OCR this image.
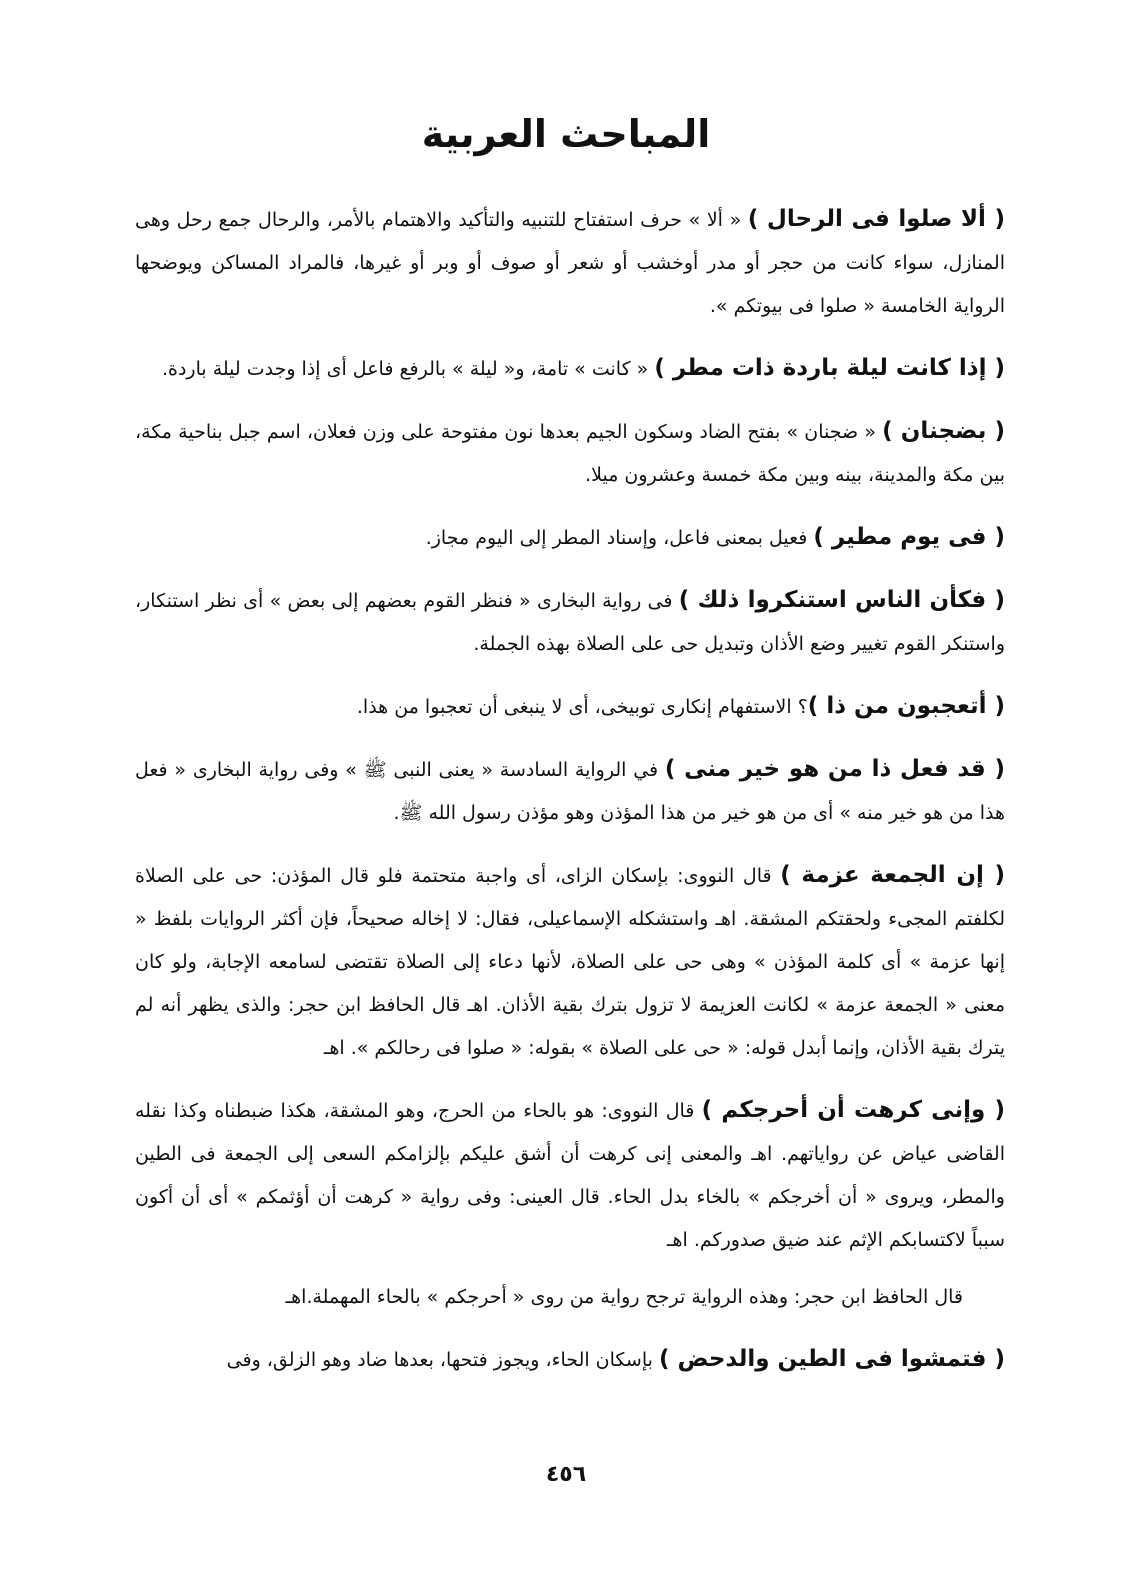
المباحث العربية

( ألا صلوا فى الرحال ) « ألا » حرف استفتاح للتنبيه والتأكيد والاهتمام بالأمر، والرحال جمع رحل وهى المنازل، سواء كانت من حجر أو مدر أوخشب أو شعر أو صوف أو وبر أو غيرها، فالمراد المساكن ويوضحها الرواية الخامسة « صلوا فى بيوتكم ».

( إذا كانت ليلة باردة ذات مطر ) « كانت » تامة، و« ليلة » بالرفع فاعل أى إذا وجدت ليلة باردة.

( بضجنان ) « ضجنان » بفتح الضاد وسكون الجيم بعدها نون مفتوحة على وزن فعلان، اسم جبل بناحية مكة، بين مكة والمدينة، بينه وبين مكة خمسة وعشرون ميلا.

( فى يوم مطير ) فعيل بمعنى فاعل، وإسناد المطر إلى اليوم مجاز.

( فكأن الناس استنكروا ذلك ) فى رواية البخارى « فنظر القوم بعضهم إلى بعض » أى نظر استنكار، واستنكر القوم تغيير وضع الأذان وتبديل حى على الصلاة بهذه الجملة.

( أتعجبون من ذا )؟ الاستفهام إنكارى توبيخى، أى لا ينبغى أن تعجبوا من هذا.

( قد فعل ذا من هو خير منى ) في الرواية السادسة « يعنى النبى ﷺ » وفى رواية البخارى « فعل هذا من هو خير منه » أى من هو خير من هذا المؤذن وهو مؤذن رسول الله ﷺ.

( إن الجمعة عزمة ) قال النووى: بإسكان الزاى، أى واجبة متحتمة فلو قال المؤذن: حى على الصلاة لكلفتم المجىء ولحقتكم المشقة. اهـ واستشكله الإسماعيلى، فقال: لا إخاله صحيحاً، فإن أكثر الروايات بلفظ « إنها عزمة » أى كلمة المؤذن » وهى حى على الصلاة، لأنها دعاء إلى الصلاة تقتضى لسامعه الإجابة، ولو كان معنى « الجمعة عزمة » لكانت العزيمة لا تزول بترك بقية الأذان. اهـ قال الحافظ ابن حجر: والذى يظهر أنه لم يترك بقية الأذان، وإنما أبدل قوله: « حى على الصلاة » بقوله: « صلوا فى رحالكم ». اهـ

( وإنى كرهت أن أحرجكم ) قال النووى: هو بالحاء من الحرج، وهو المشقة، هكذا ضبطناه وكذا نقله القاضى عياض عن رواياتهم. اهـ والمعنى إنى كرهت أن أشق عليكم بإلزامكم السعى إلى الجمعة فى الطين والمطر، ويروى « أن أخرجكم » بالخاء بدل الحاء. قال العينى: وفى رواية « كرهت أن أؤثمكم » أى أن أكون سبباً لاكتسابكم الإثم عند ضيق صدوركم. اهـ

قال الحافظ ابن حجر: وهذه الرواية ترجح رواية من روى « أحرجكم » بالحاء المهملة.اهـ

( فتمشوا فى الطين والدحض ) بإسكان الحاء، ويجوز فتحها، بعدها ضاد وهو الزلق، وفى

٤٥٦
